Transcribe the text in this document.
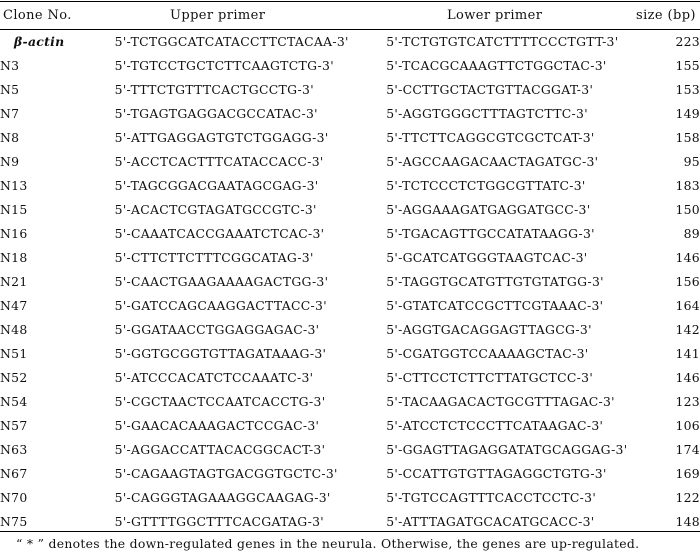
Clone No.	Upper primer	Lower primer	size (bp)
β-actin	5'-TCTGGCATCATACCTTCTACAA-3'	5'-TCTGTGTCATCTTTTCCCTGTT-3'	223
N3	5'-TGTCCTGCTCTTCAAGTCTG-3'	5'-TCACGCAAAGTTCTGGCTAC-3'	155
N5	5'-TTTCTGTTTCACTGCCTG-3'	5'-CCTTGCTACTGTTACGGAT-3'	153
N7	5'-TGAGTGAGGACGCCATAC-3'	5'-AGGTGGGCTTTAGTCTTC-3'	149
N8	5'-ATTGAGGAGTGTCTGGAGG-3'	5'-TTCTTCAGGCGTCGCTCAT-3'	158
N9	5'-ACCTCACTTTCATACCACC-3'	5'-AGCCAAGACAACTAGATGC-3'	95
N13	5'-TAGCGGACGAATAGCGAG-3'	5'-TCTCCCTCTGGCGTTATC-3'	183
N15	5'-ACACTCGTAGATGCCGTC-3'	5'-AGGAAAGATGAGGATGCC-3'	150
N16	5'-CAAATCACCGAAATCTCAC-3'	5'-TGACAGTTGCCATATAAGG-3'	89
N18	5'-CTTCTTCTTTCGGCATAG-3'	5'-GCATCATGGGTAAGTCAC-3'	146
N21	5'-CAACTGAAGAAAAGACTGG-3'	5'-TAGGTGCATGTTGTGTATGG-3'	156
N47	5'-GATCCAGCAAGGACTTACC-3'	5'-GTATCATCCGCTTCGTAAAC-3'	164
N48	5'-GGATAACCTGGAGGAGAC-3'	5'-AGGTGACAGGAGTTAGCG-3'	142
N51	5'-GGTGCGGTGTTAGATAAAG-3'	5'-CGATGGTCCAAAAGCTAC-3'	141
N52	5'-ATCCCACATCTCCAAATC-3'	5'-CTTCCTCTTCTTATGCTCC-3'	146
N54	5'-CGCTAACTCCAATCACCTG-3'	5'-TACAAGACACTGCGTTTAGAC-3'	123
N57	5'-GAACACAAAGACTCCGAC-3'	5'-ATCCTCTCCCTTCATAAGAC-3'	106
N63	5'-AGGACCATTACACGGCACT-3'	5'-GGAGTTAGAGGATATGCAGGAG-3'	174
N67	5'-CAGAAGTAGTGACGGTGCTC-3'	5'-CCATTGTGTTAGAGGCTGTG-3'	169
N70	5'-CAGGGTAGAAAGGCAAGAG-3'	5'-TGTCCAGTTTCACCTCCTC-3'	122
N75	5'-GTTTTGGCTTTCACGATAG-3'	5'-ATTTAGATGCACATGCACC-3'	148
“ * ” denotes the down-regulated genes in the neurula. Otherwise, the genes are up-regulated.
